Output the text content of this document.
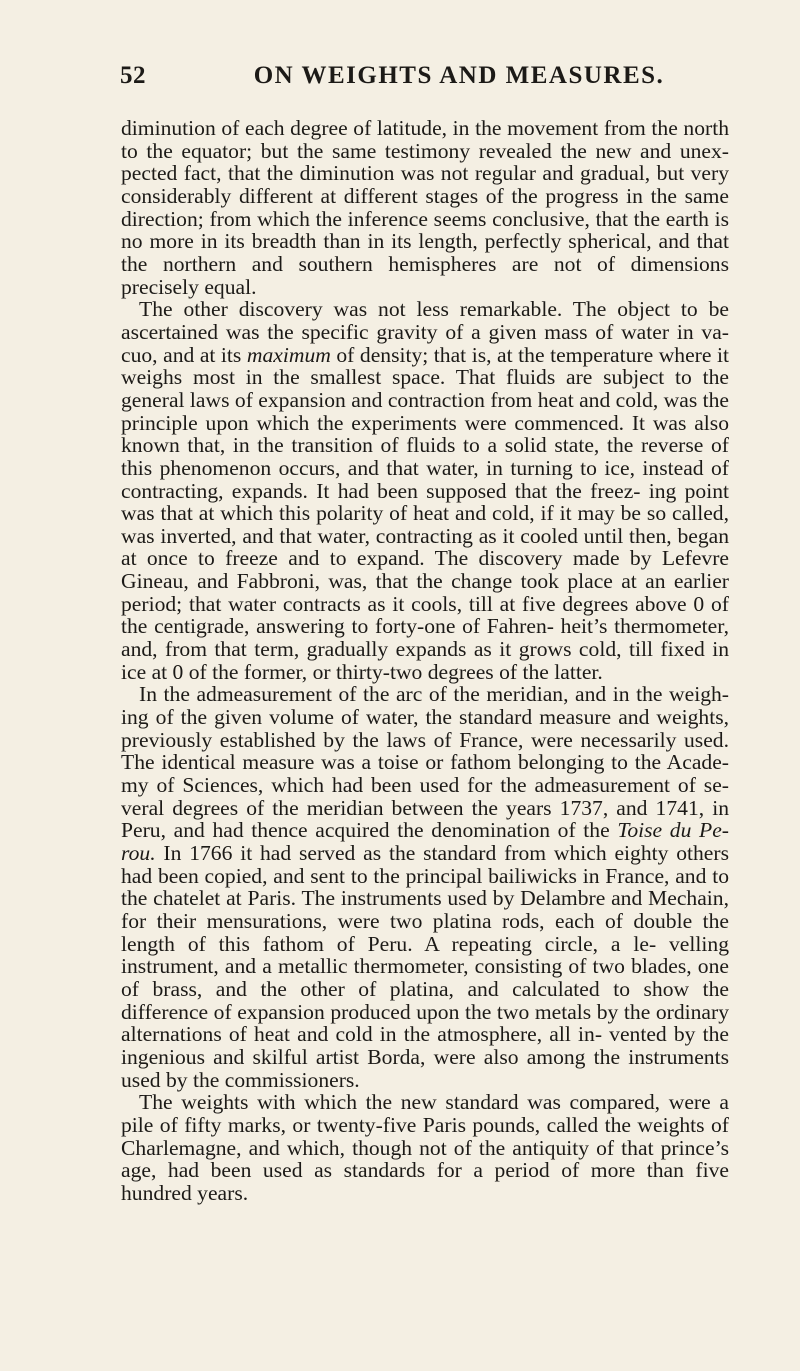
52	ON WEIGHTS AND MEASURES.

diminution of each degree of latitude, in the movement from the north to the equator; but the same testimony revealed the new and unex- pected fact, that the diminution was not regular and gradual, but very considerably different at different stages of the progress in the same direction; from which the inference seems conclusive, that the earth is no more in its breadth than in its length, perfectly spherical, and that the northern and southern hemispheres are not of dimensions precisely equal.

The other discovery was not less remarkable. The object to be ascertained was the specific gravity of a given mass of water in va- cuo, and at its maximum of density; that is, at the temperature where it weighs most in the smallest space. That fluids are subject to the general laws of expansion and contraction from heat and cold, was the principle upon which the experiments were commenced. It was also known that, in the transition of fluids to a solid state, the reverse of this phenomenon occurs, and that water, in turning to ice, instead of contracting, expands. It had been supposed that the freez- ing point was that at which this polarity of heat and cold, if it may be so called, was inverted, and that water, contracting as it cooled until then, began at once to freeze and to expand. The discovery made by Lefevre Gineau, and Fabbroni, was, that the change took place at an earlier period; that water contracts as it cools, till at five degrees above 0 of the centigrade, answering to forty-one of Fahren- heit’s thermometer, and, from that term, gradually expands as it grows cold, till fixed in ice at 0 of the former, or thirty-two degrees of the latter.

In the admeasurement of the arc of the meridian, and in the weigh- ing of the given volume of water, the standard measure and weights, previously established by the laws of France, were necessarily used. The identical measure was a toise or fathom belonging to the Acade- my of Sciences, which had been used for the admeasurement of se- veral degrees of the meridian between the years 1737, and 1741, in Peru, and had thence acquired the denomination of the Toise du Pe- rou. In 1766 it had served as the standard from which eighty others had been copied, and sent to the principal bailiwicks in France, and to the chatelet at Paris. The instruments used by Delambre and Mechain, for their mensurations, were two platina rods, each of double the length of this fathom of Peru. A repeating circle, a le- velling instrument, and a metallic thermometer, consisting of two blades, one of brass, and the other of platina, and calculated to show the difference of expansion produced upon the two metals by the ordinary alternations of heat and cold in the atmosphere, all in- vented by the ingenious and skilful artist Borda, were also among the instruments used by the commissioners.

The weights with which the new standard was compared, were a pile of fifty marks, or twenty-five Paris pounds, called the weights of Charlemagne, and which, though not of the antiquity of that prince’s age, had been used as standards for a period of more than five hundred years.
